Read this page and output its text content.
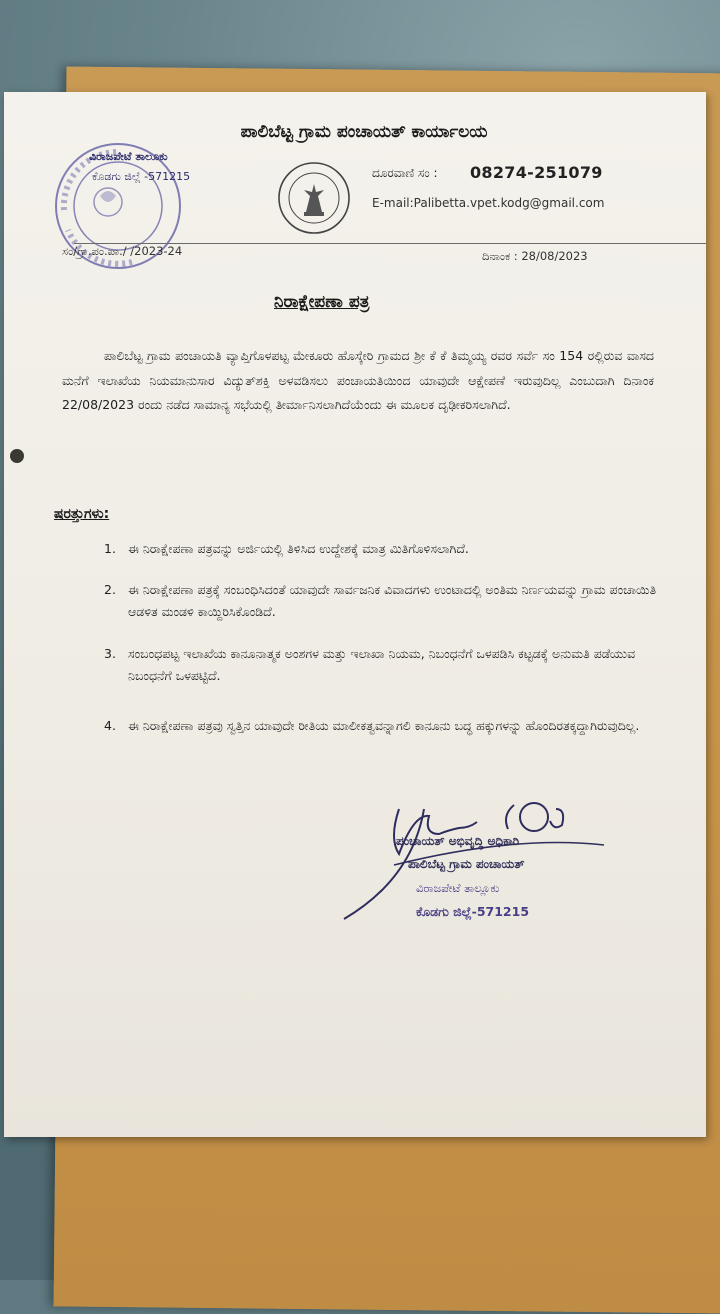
ಪಾಲಿಬೆಟ್ಟ ಗ್ರಾಮ ಪಂಚಾಯತ್ ಕಾರ್ಯಾಲಯ
ವಿರಾಜಪೇಟೆ ತಾಲೂಕು
ಕೊಡಗು ಜಿಲ್ಲೆ -571215	ದೂರವಾಣಿ ಸಂ : 08274-251079
E-mail:Palibetta.vpet.kodg@gmail.com
ಸಂ/ಗ್ರಾ.ಪಂ.ಪಾ./ /2023-24	ದಿನಾಂಕ : 28/08/2023
ನಿರಾಕ್ಷೇಪಣಾ ಪತ್ರ
ಪಾಲಿಬೆಟ್ಟ ಗ್ರಾಮ ಪಂಚಾಯತಿ ವ್ಯಾಪ್ತಿಗೊಳಪಟ್ಟ ಮೇಕೂರು ಹೊಸ್ಕೇರಿ ಗ್ರಾಮದ ಶ್ರೀ ಕೆ ಕೆ ತಿಮ್ಮಯ್ಯ ರವರ ಸರ್ವೆ ಸಂ 154 ರಲ್ಲಿರುವ ವಾಸದ ಮನೆಗೆ ಇಲಾಖೆಯ ನಿಯಮಾನುಸಾರ ವಿದ್ಯುತ್‌ಶಕ್ತಿ ಅಳವಡಿಸಲು ಪಂಚಾಯತಿಯಿಂದ ಯಾವುದೇ ಆಕ್ಷೇಪಣೆ ಇರುವುದಿಲ್ಲ ಎಂಬುದಾಗಿ ದಿನಾಂಕ 22/08/2023 ರಂದು ನಡೆದ ಸಾಮಾನ್ಯ ಸಭೆಯಲ್ಲಿ ತೀರ್ಮಾನಿಸಲಾಗಿದೆಯೆಂದು ಈ ಮೂಲಕ ದೃಢೀಕರಿಸಲಾಗಿದೆ.
ಷರತ್ತುಗಳು:
1. ಈ ನಿರಾಕ್ಷೇಪಣಾ ಪತ್ರವನ್ನು ಅರ್ಜಿಯಲ್ಲಿ ತಿಳಿಸಿದ ಉದ್ದೇಶಕ್ಕೆ ಮಾತ್ರ ಮಿತಿಗೊಳಿಸಲಾಗಿದೆ.
2. ಈ ನಿರಾಕ್ಷೇಪಣಾ ಪತ್ರಕ್ಕೆ ಸಂಬಂಧಿಸಿದಂತೆ ಯಾವುದೇ ಸಾರ್ವಜನಿಕ ವಿವಾದಗಳು ಉಂಟಾದಲ್ಲಿ ಅಂತಿಮ ನಿರ್ಣಯವನ್ನು ಗ್ರಾಮ ಪಂಚಾಯಿತಿ ಆಡಳಿತ ಮಂಡಳಿ ಕಾಯ್ದಿರಿಸಿಕೊಂಡಿದೆ.
3. ಸಂಬಂಧಪಟ್ಟ ಇಲಾಖೆಯ ಕಾನೂನಾತ್ಮಕ ಅಂಶಗಳ ಮತ್ತು ಇಲಾಖಾ ನಿಯಮ, ನಿಬಂಧನೆಗೆ ಒಳಪಡಿಸಿ ಕಟ್ಟಡಕ್ಕೆ ಅನುಮತಿ ಪಡೆಯುವ ನಿಬಂಧನೆಗೆ ಒಳಪಟ್ಟಿದೆ.
4. ಈ ನಿರಾಕ್ಷೇಪಣಾ ಪತ್ರವು ಸ್ವತ್ತಿನ ಯಾವುದೇ ರೀತಿಯ ಮಾಲೀಕತ್ವವನ್ನಾಗಲಿ ಕಾನೂನು ಬದ್ಧ ಹಕ್ಕುಗಳನ್ನು ಹೊಂದಿರತಕ್ಕದ್ದಾಗಿರುವುದಿಲ್ಲ.
ಪಂಚಾಯತ್ ಅಭಿವೃದ್ಧಿ ಅಧಿಕಾರಿ
ಪಾಲಿಬೆಟ್ಟ ಗ್ರಾಮ ಪಂಚಾಯತ್
ವಿರಾಜಪೇಟೆ ತಾಲ್ಲೂಕು
ಕೊಡಗು ಜಿಲ್ಲೆ-571215
